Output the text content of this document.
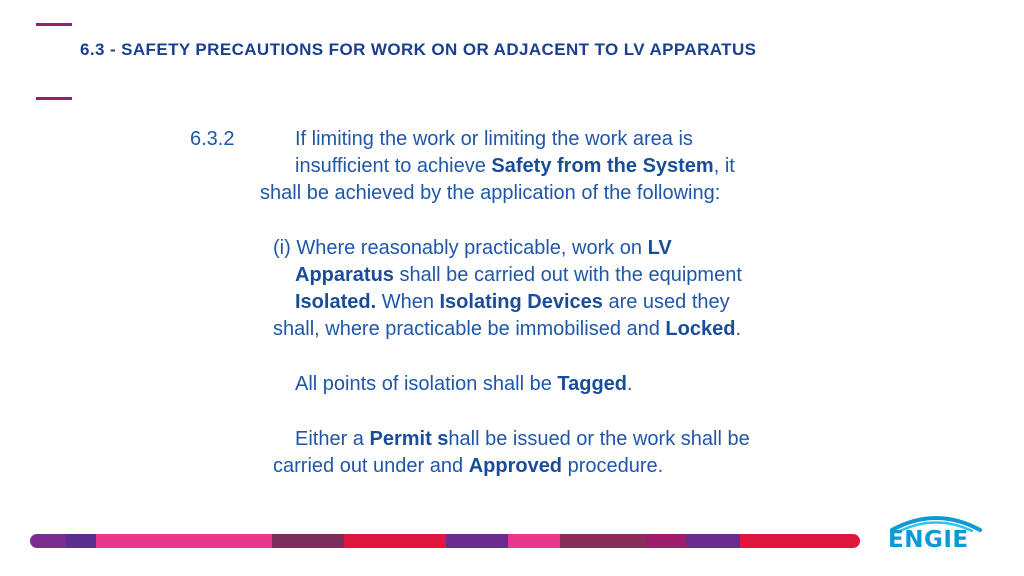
6.3 - SAFETY PRECAUTIONS FOR WORK ON OR ADJACENT TO LV APPARATUS
6.3.2	If limiting the work or limiting the work area is
insufficient to achieve Safety from the System, it
shall be achieved by the application of the following:
(i) Where reasonably practicable, work on LV
Apparatus shall be carried out with the equipment
Isolated. When Isolating Devices are used they
shall, where practicable be immobilised and Locked.
All points of isolation shall be Tagged.
Either a Permit shall be issued or the work shall be
carried out under and Approved procedure.
ENGIE
